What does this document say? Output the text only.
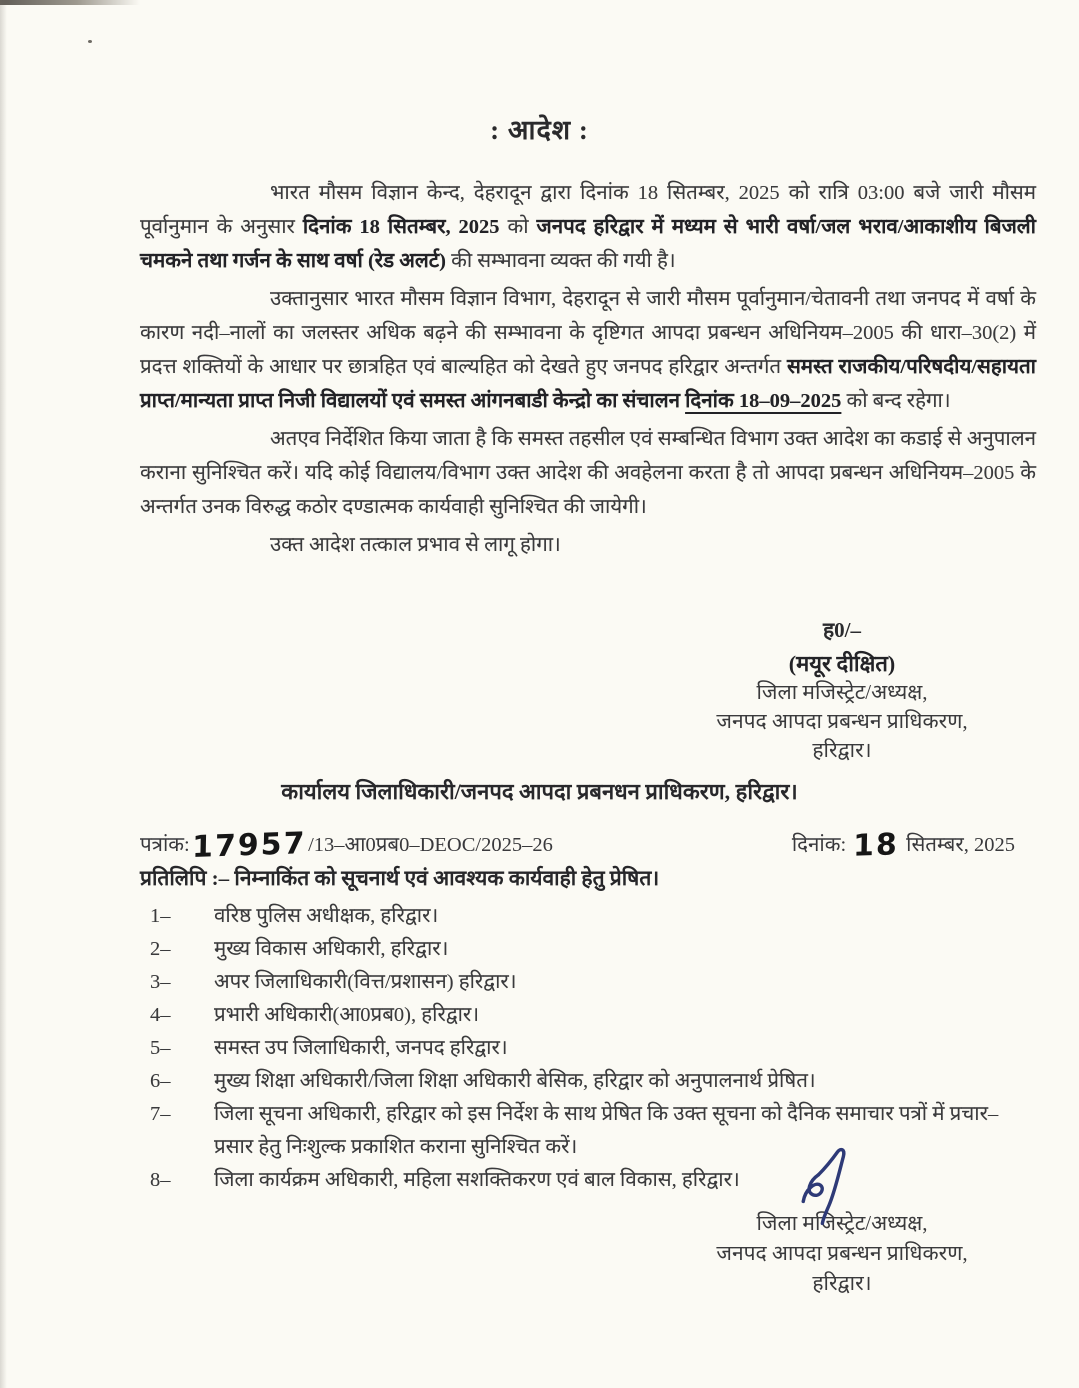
: आदेश :
भारत मौसम विज्ञान केन्द, देहरादून द्वारा दिनांक 18 सितम्बर, 2025 को रात्रि 03:00 बजे जारी मौसम पूर्वानुमान के अनुसार दिनांक 18 सितम्बर, 2025 को जनपद हरिद्वार में मध्यम से भारी वर्षा/जल भराव/आकाशीय बिजली चमकने तथा गर्जन के साथ वर्षा (रेड अलर्ट) की सम्भावना व्यक्त की गयी है।
उक्तानुसार भारत मौसम विज्ञान विभाग, देहरादून से जारी मौसम पूर्वानुमान/चेतावनी तथा जनपद में वर्षा के कारण नदी–नालों का जलस्तर अधिक बढ़ने की सम्भावना के दृष्टिगत आपदा प्रबन्धन अधिनियम–2005 की धारा–30(2) में प्रदत्त शक्तियों के आधार पर छात्रहित एवं बाल्यहित को देखते हुए जनपद हरिद्वार अन्तर्गत समस्त राजकीय/परिषदीय/सहायता प्राप्त/मान्यता प्राप्त निजी विद्यालयों एवं समस्त आंगनबाडी केन्द्रो का संचालन दिनांक 18–09–2025 को बन्द रहेगा।
अतएव निर्देशित किया जाता है कि समस्त तहसील एवं सम्बन्धित विभाग उक्त आदेश का कडाई से अनुपालन कराना सुनिश्चित करें। यदि कोई विद्यालय/विभाग उक्त आदेश की अवहेलना करता है तो आपदा प्रबन्धन अधिनियम–2005 के अन्तर्गत उनक विरुद्ध कठोर दण्डात्मक कार्यवाही सुनिश्चित की जायेगी।
उक्त आदेश तत्काल प्रभाव से लागू होगा।
ह0/–
(मयूर दीक्षित)
जिला मजिस्ट्रेट/अध्यक्ष,
जनपद आपदा प्रबन्धन प्राधिकरण,
हरिद्वार।
कार्यालय जिलाधिकारी/जनपद आपदा प्रबनधन प्राधिकरण, हरिद्वार।
पत्रांक:17957/13–आ0प्रब0–DEOC/2025–26	दिनांक: 18 सितम्बर, 2025
प्रतिलिपि :– निम्नाकिंत को सूचनार्थ एवं आवश्यक कार्यवाही हेतु प्रेषित।
1–	वरिष्ठ पुलिस अधीक्षक, हरिद्वार।
2–	मुख्य विकास अधिकारी, हरिद्वार।
3–	अपर जिलाधिकारी(वित्त/प्रशासन) हरिद्वार।
4–	प्रभारी अधिकारी(आ0प्रब0), हरिद्वार।
5–	समस्त उप जिलाधिकारी, जनपद हरिद्वार।
6–	मुख्य शिक्षा अधिकारी/जिला शिक्षा अधिकारी बेसिक, हरिद्वार को अनुपालनार्थ प्रेषित।
7–	जिला सूचना अधिकारी, हरिद्वार को इस निर्देश के साथ प्रेषित कि उक्त सूचना को दैनिक समाचार पत्रों में प्रचार–प्रसार हेतु निःशुल्क प्रकाशित कराना सुनिश्चित करें।
8–	जिला कार्यक्रम अधिकारी, महिला सशक्तिकरण एवं बाल विकास, हरिद्वार।
जिला मजिस्ट्रेट/अध्यक्ष,
जनपद आपदा प्रबन्धन प्राधिकरण,
हरिद्वार।
